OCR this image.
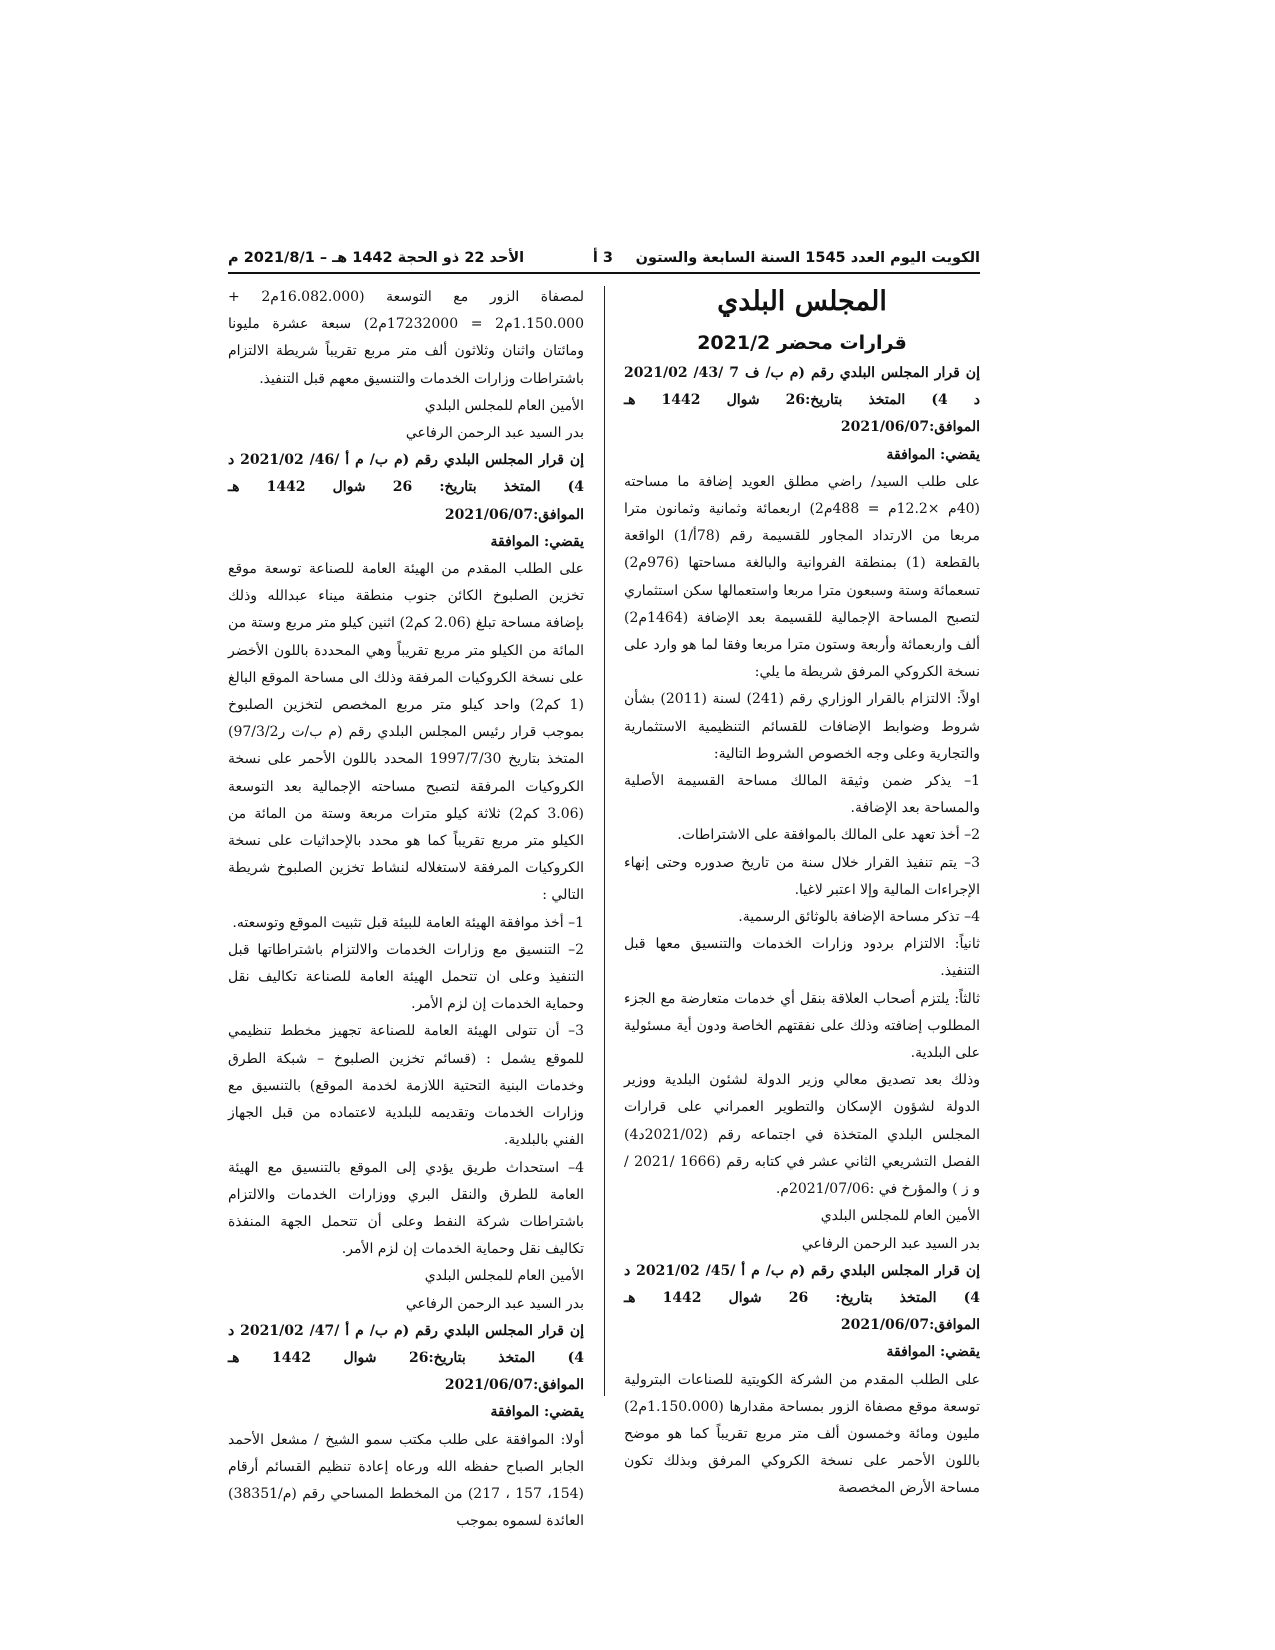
الكويت اليوم العدد 1545 السنة السابعة والستون
3 أ
الأحد 22 ذو الحجة 1442 هـ – 2021/8/1 م
المجلس البلدي
قرارات محضر 2021/2

إن قرار المجلس البلدي رقم (م ب/ ف 7 /43/ 2021/02 د 4) المتخذ بتاريخ:26 شوال 1442 هـ الموافق:2021/06/07

يقضي: الموافقة

على طلب السيد/ راضي مطلق العويد إضافة ما مساحته (40م ×12.2م = 488م2) اربعمائة وثمانية وثمانون مترا مربعا من الارتداد المجاور للقسيمة رقم (78أ/1) الواقعة بالقطعة (1) بمنطقة الفروانية والبالغة مساحتها (976م2) تسعمائة وستة وسبعون مترا مربعا واستعمالها سكن استثماري لتصبح المساحة الإجمالية للقسيمة بعد الإضافة (1464م2) ألف واربعمائة وأربعة وستون مترا مربعا وفقا لما هو وارد على نسخة الكروكي المرفق شريطة ما يلي:

اولاً: الالتزام بالقرار الوزاري رقم (241) لسنة (2011) بشأن شروط وضوابط الإضافات للقسائم التنظيمية الاستثمارية والتجارية وعلى وجه الخصوص الشروط التالية:

1– يذكر ضمن وثيقة المالك مساحة القسيمة الأصلية والمساحة بعد الإضافة.

2– أخذ تعهد على المالك بالموافقة على الاشتراطات.

3– يتم تنفيذ القرار خلال سنة من تاريخ صدوره وحتى إنهاء الإجراءات المالية وإلا اعتبر لاغيا.

4– تذكر مساحة الإضافة بالوثائق الرسمية.

ثانياً: الالتزام بردود وزارات الخدمات والتنسيق معها قبل التنفيذ.

ثالثاً: يلتزم أصحاب العلاقة بنقل أي خدمات متعارضة مع الجزء المطلوب إضافته وذلك على نفقتهم الخاصة ودون أية مسئولية على البلدية.

وذلك بعد تصديق معالي وزير الدولة لشئون البلدية ووزير الدولة لشؤون الإسكان والتطوير العمراني على قرارات المجلس البلدي المتخذة في اجتماعه رقم (2021/02د4) الفصل التشريعي الثاني عشر في كتابه رقم (1666 /2021 / و ز ) والمؤرخ في :2021/07/06م.

الأمين العام للمجلس البلدي

بدر السيد عبد الرحمن الرفاعي

إن قرار المجلس البلدي رقم (م ب/ م أ /45/ 2021/02 د 4) المتخذ بتاريخ: 26 شوال 1442 هـ الموافق:2021/06/07

يقضي: الموافقة

على الطلب المقدم من الشركة الكويتية للصناعات البترولية توسعة موقع مصفاة الزور بمساحة مقدارها (1.150.000م2) مليون ومائة وخمسون ألف متر مربع تقريباً كما هو موضح باللون الأحمر على نسخة الكروكي المرفق وبذلك تكون مساحة الأرض المخصصة

لمصفاة الزور مع التوسعة (16.082.000م2 + 1.150.000م2 = 17232000م2) سبعة عشرة مليونا ومائتان واثنان وثلاثون ألف متر مربع تقريباً شريطة الالتزام باشتراطات وزارات الخدمات والتنسيق معهم قبل التنفيذ.

الأمين العام للمجلس البلدي

بدر السيد عبد الرحمن الرفاعي

إن قرار المجلس البلدي رقم (م ب/ م أ /46/ 2021/02 د 4) المتخذ بتاريخ: 26 شوال 1442 هـ الموافق:2021/06/07

يقضي: الموافقة

على الطلب المقدم من الهيئة العامة للصناعة توسعة موقع تخزين الصلبوخ الكائن جنوب منطقة ميناء عبدالله وذلك بإضافة مساحة تبلغ (2.06 كم2) اثنين كيلو متر مربع وستة من المائة من الكيلو متر مربع تقريباً وهي المحددة باللون الأخضر على نسخة الكروكيات المرفقة وذلك الى مساحة الموقع البالغ (1 كم2) واحد كيلو متر مربع المخصص لتخزين الصلبوخ بموجب قرار رئيس المجلس البلدي رقم (م ب/ت ر97/3/2) المتخذ بتاريخ 1997/7/30 المحدد باللون الأحمر على نسخة الكروكيات المرفقة لتصبح مساحته الإجمالية بعد التوسعة (3.06 كم2) ثلاثة كيلو مترات مربعة وستة من المائة من الكيلو متر مربع تقريباً كما هو محدد بالإحداثيات على نسخة الكروكيات المرفقة لاستغلاله لنشاط تخزين الصلبوخ شريطة التالي :

1– أخذ موافقة الهيئة العامة للبيئة قبل تثبيت الموقع وتوسعته.

2– التنسيق مع وزارات الخدمات والالتزام باشتراطاتها قبل التنفيذ وعلى ان تتحمل الهيئة العامة للصناعة تكاليف نقل وحماية الخدمات إن لزم الأمر.

3– أن تتولى الهيئة العامة للصناعة تجهيز مخطط تنظيمي للموقع يشمل : (قسائم تخزين الصلبوخ – شبكة الطرق وخدمات البنية التحتية اللازمة لخدمة الموقع) بالتنسيق مع وزارات الخدمات وتقديمه للبلدية لاعتماده من قبل الجهاز الفني بالبلدية.

4– استحداث طريق يؤدي إلى الموقع بالتنسيق مع الهيئة العامة للطرق والنقل البري ووزارات الخدمات والالتزام باشتراطات شركة النفط وعلى أن تتحمل الجهة المنفذة تكاليف نقل وحماية الخدمات إن لزم الأمر.

الأمين العام للمجلس البلدي

بدر السيد عبد الرحمن الرفاعي

إن قرار المجلس البلدي رقم (م ب/ م أ /47/ 2021/02 د 4) المتخذ بتاريخ:26 شوال 1442 هـ الموافق:2021/06/07

يقضي: الموافقة

أولا: الموافقة على طلب مكتب سمو الشيخ / مشعل الأحمد الجابر الصباح حفظه الله ورعاه إعادة تنظيم القسائم أرقام (154، 157 ، 217) من المخطط المساحي رقم (م/38351) العائدة لسموه بموجب
